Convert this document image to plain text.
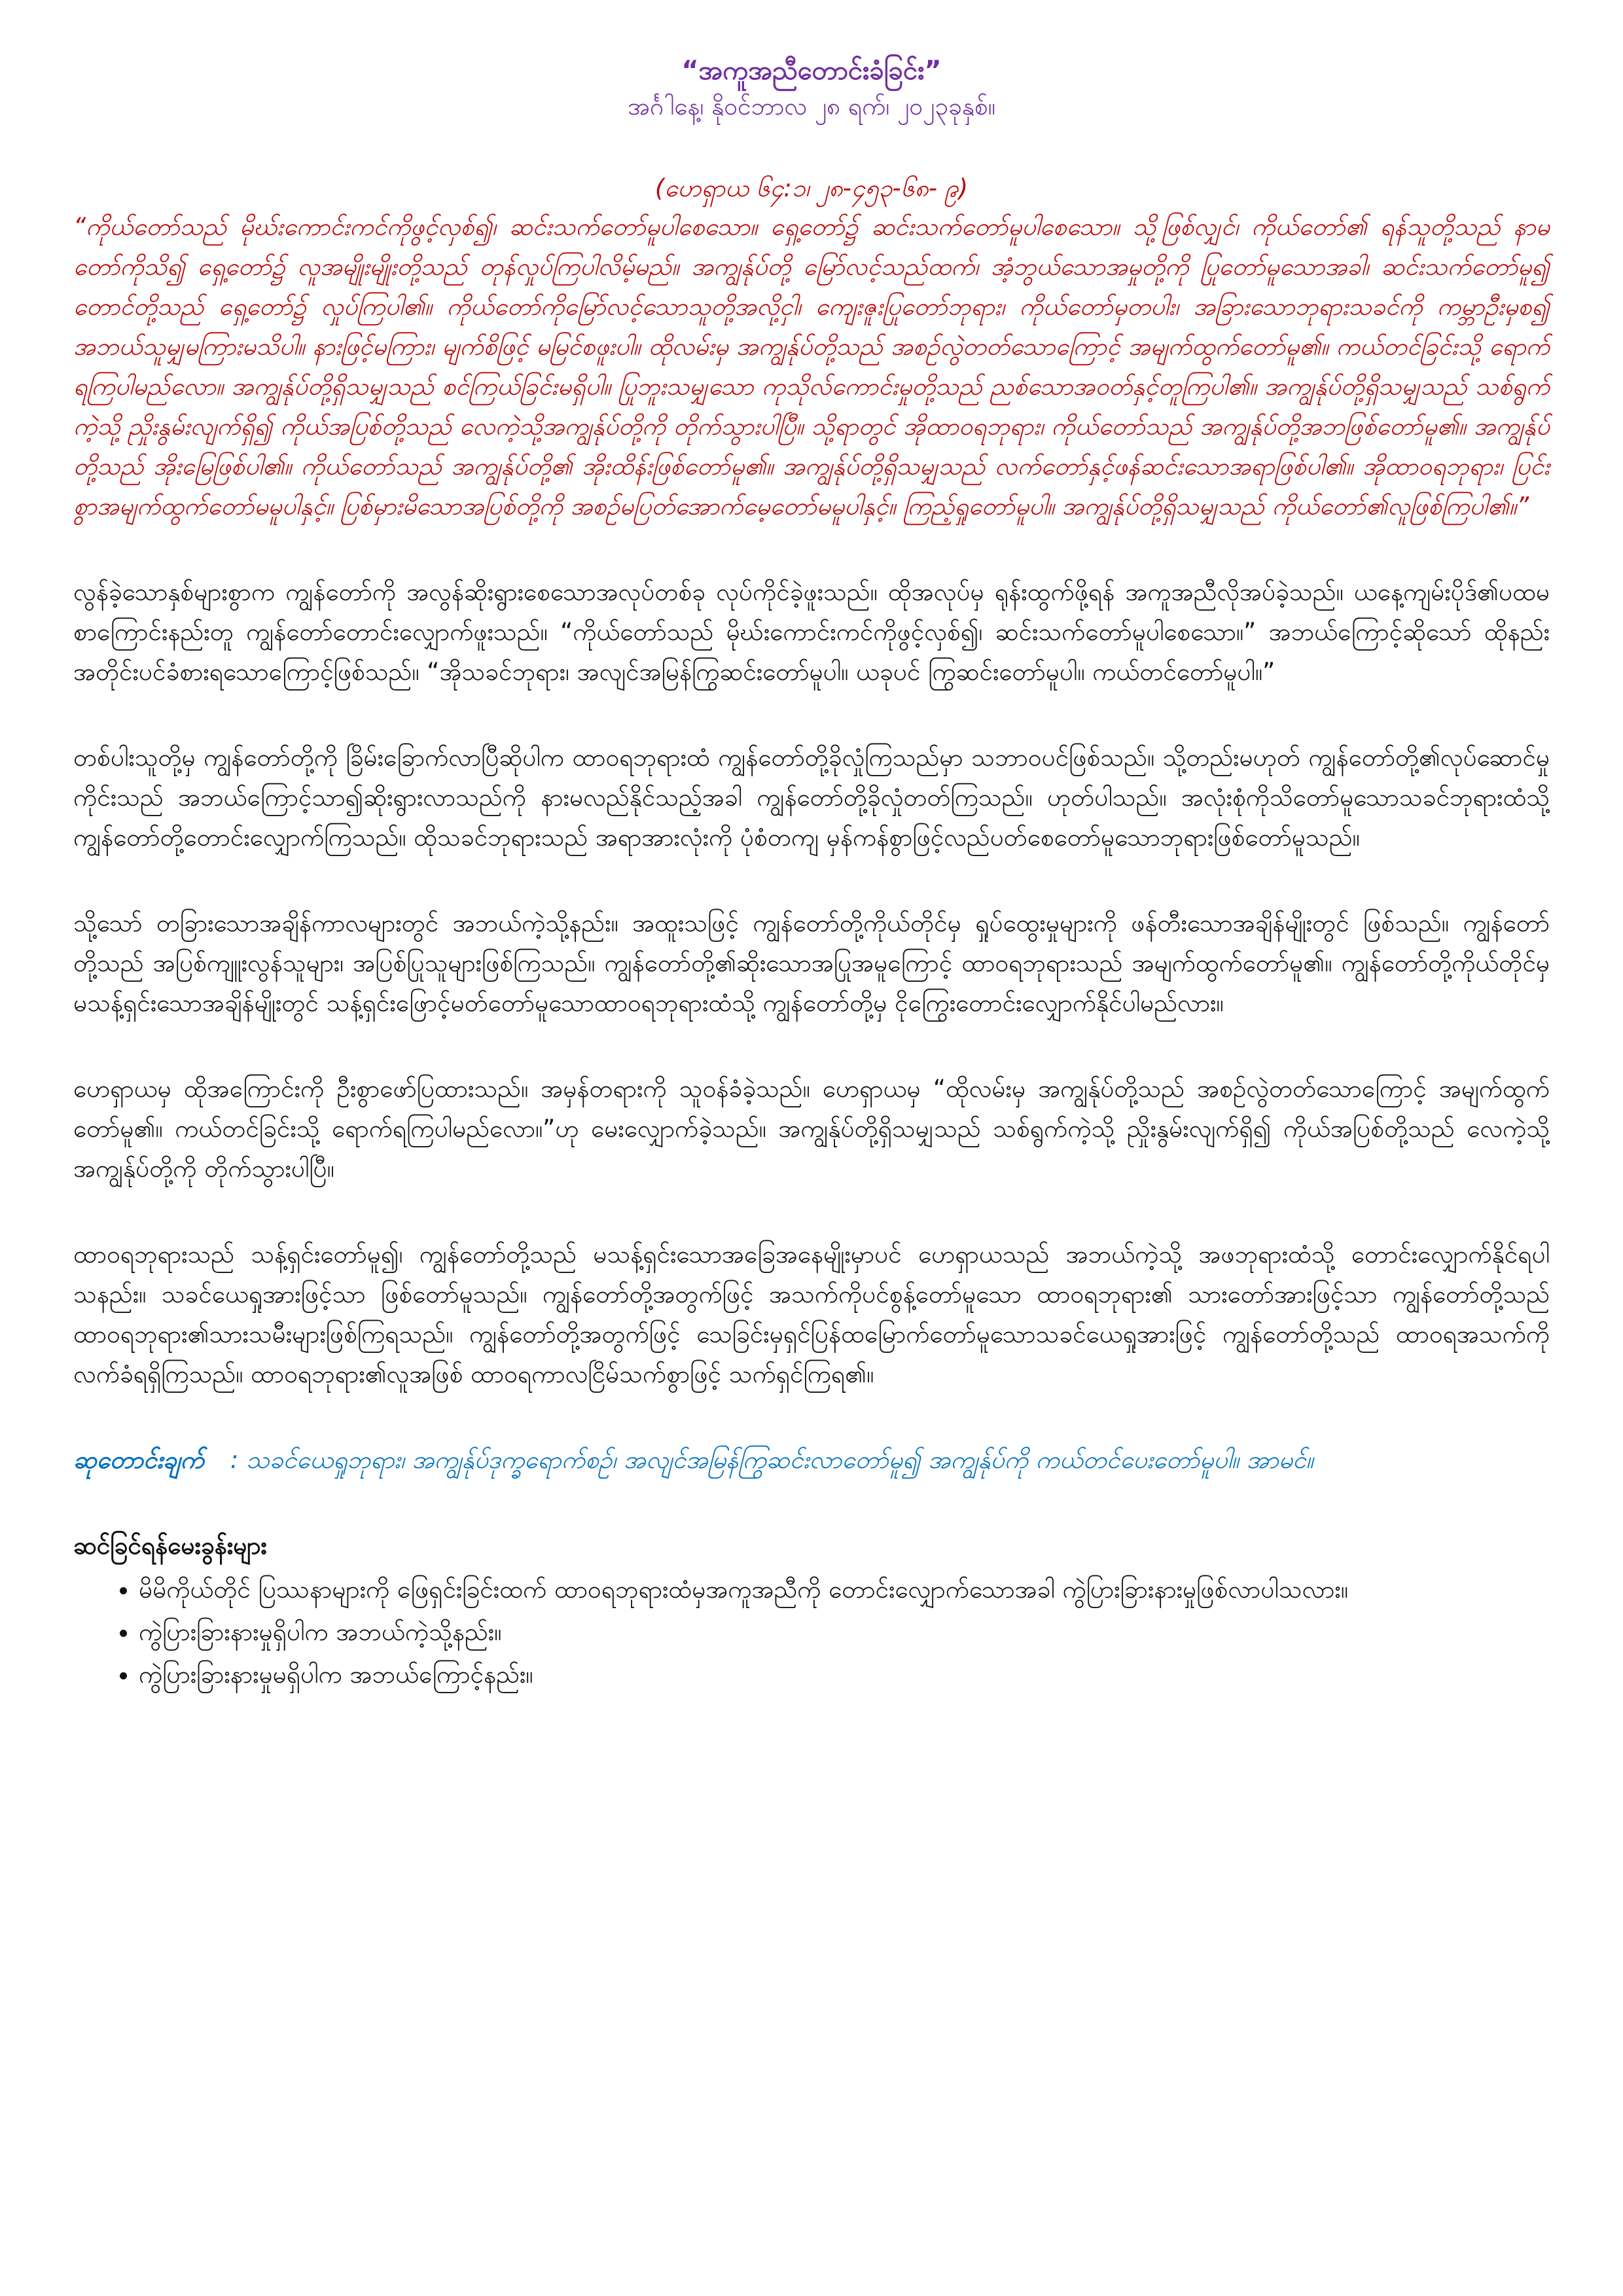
“အကူအညီတောင်းခံခြင်း”

အင်္ဂါနေ့၊ နိုဝင်ဘာလ ၂၈ ရက်၊ ၂၀၂၃ခုနှစ်။

(ဟေရှာယ ၆၄:၁၊ ၂၈-၄၅၃-၆၈- ၉)

“ကိုယ်တော်သည် မိုဃ်းကောင်းကင်ကိုဖွင့်လှစ်၍၊ ဆင်းသက်တော်မူပါစေသော။ ရှေ့တော်၌ ဆင်းသက်တော်မူပါစေသော။ သို့ဖြစ်လျှင်၊ ကိုယ်တော်၏ ရန်သူတို့သည် နာမတော်ကိုသိ၍ ရှေ့တော်၌ လူအမျိုးမျိုးတို့သည် တုန်လှုပ်ကြပါလိမ့်မည်။ အကျွန်ုပ်တို့ မြော်လင့်သည်ထက်၊ အံ့ဘွယ်သောအမှုတို့ကို ပြုတော်မူသောအခါ၊ ဆင်းသက်တော်မူ၍ တောင်တို့သည် ရှေ့တော်၌ လှုပ်ကြပါ၏။ ကိုယ်တော်ကိုမြော်လင့်သောသူတို့အလို့ငှါ၊ ကျေးဇူးပြုတော်ဘုရား၊ ကိုယ်တော်မှတပါး၊ အခြားသောဘုရားသခင်ကို ကမ္ဘာဦးမှစ၍ အဘယ်သူမျှမကြားမသိပါ။ နားဖြင့်မကြား၊ မျက်စိဖြင့် မမြင်စဖူးပါ။ ထိုလမ်းမှ အကျွန်ုပ်တို့သည် အစဉ်လွဲတတ်သောကြောင့် အမျက်ထွက်တော်မူ၏။ ကယ်တင်ခြင်းသို့ ရောက်ရကြပါမည်လော။ အကျွန်ုပ်တို့ရှိသမျှသည် စင်ကြယ်ခြင်းမရှိပါ။ ပြုဘူးသမျှသော ကုသိုလ်ကောင်းမှုတို့သည် ညစ်သောအဝတ်နှင့်တူကြပါ၏။ အကျွန်ုပ်တို့ရှိသမျှသည် သစ်ရွက်ကဲ့သို့ ညှိုးနွမ်းလျက်ရှိ၍ ကိုယ်အပြစ်တို့သည် လေကဲ့သို့အကျွန်ုပ်တို့ကို တိုက်သွားပါပြီ။ သို့ရာတွင် အိုထာဝရဘုရား၊ ကိုယ်တော်သည် အကျွန်ုပ်တို့အဘဖြစ်တော်မူ၏။ အကျွန်ုပ်တို့သည် အိုးမြေဖြစ်ပါ၏။ ကိုယ်တော်သည် အကျွန်ုပ်တို့၏ အိုးထိန်းဖြစ်တော်မူ၏။ အကျွန်ုပ်တို့ရှိသမျှသည် လက်တော်နှင့်ဖန်ဆင်းသောအရာဖြစ်ပါ၏။ အိုထာဝရဘုရား၊ ပြင်းစွာအမျက်ထွက်တော်မမူပါနှင့်။ ပြစ်မှားမိသောအပြစ်တို့ကို အစဉ်မပြတ်အောက်မေ့တော်မမူပါနှင့်။ ကြည့်ရှုတော်မူပါ။ အကျွန်ုပ်တို့ရှိသမျှသည် ကိုယ်တော်၏လူဖြစ်ကြပါ၏။”

လွန်ခဲ့သောနှစ်များစွာက ကျွန်တော်ကို အလွန်ဆိုးရွားစေသောအလုပ်တစ်ခု လုပ်ကိုင်ခဲ့ဖူးသည်။ ထိုအလုပ်မှ ရုန်းထွက်ဖို့ရန် အကူအညီလိုအပ်ခဲ့သည်။ ယနေ့ကျမ်းပိုဒ်၏ပထမစာကြောင်းနည်းတူ ကျွန်တော်တောင်းလျှောက်ဖူးသည်။ “ကိုယ်တော်သည် မိုဃ်းကောင်းကင်ကိုဖွင့်လှစ်၍၊ ဆင်းသက်တော်မူပါစေသော။” အဘယ်ကြောင့်ဆိုသော် ထိုနည်းအတိုင်းပင်ခံစားရသောကြောင့်ဖြစ်သည်။ “အိုသခင်ဘုရား၊ အလျင်အမြန်ကြွဆင်းတော်မူပါ။ ယခုပင် ကြွဆင်းတော်မူပါ။ ကယ်တင်တော်မူပါ။”

တစ်ပါးသူတို့မှ ကျွန်တော်တို့ကို ခြိမ်းခြောက်လာပြီဆိုပါက ထာဝရဘုရားထံ ကျွန်တော်တို့ခိုလှုံကြသည်မှာ သဘာဝပင်ဖြစ်သည်။ သို့တည်းမဟုတ် ကျွန်တော်တို့၏လုပ်ဆောင်မှုကိုင်းသည် အဘယ်ကြောင့်သာ၍ဆိုးရွားလာသည်ကို နားမလည်နိုင်သည့်အခါ ကျွန်တော်တို့ခိုလှုံတတ်ကြသည်။ ဟုတ်ပါသည်။ အလုံးစုံကိုသိတော်မူသောသခင်ဘုရားထံသို့ ကျွန်တော်တို့တောင်းလျှောက်ကြသည်။ ထိုသခင်ဘုရားသည် အရာအားလုံးကို ပုံစံတကျ မှန်ကန်စွာဖြင့်လည်ပတ်စေတော်မူသောဘုရားဖြစ်တော်မူသည်။

သို့သော် တခြားသောအချိန်ကာလများတွင် အဘယ်ကဲ့သို့နည်း။ အထူးသဖြင့် ကျွန်တော်တို့ကိုယ်တိုင်မှ ရှုပ်ထွေးမှုများကို ဖန်တီးသောအချိန်မျိုးတွင် ဖြစ်သည်။ ကျွန်တော်တို့သည် အပြစ်ကျူးလွန်သူများ၊ အပြစ်ပြုသူများဖြစ်ကြသည်။ ကျွန်တော်တို့၏ဆိုးသောအပြုအမူကြောင့် ထာဝရဘုရားသည် အမျက်ထွက်တော်မူ၏။ ကျွန်တော်တို့ကိုယ်တိုင်မှ မသန့်ရှင်းသောအချိန်မျိုးတွင် သန့်ရှင်းဖြောင့်မတ်တော်မူသောထာဝရဘုရားထံသို့ ကျွန်တော်တို့မှ ငိုကြွေးတောင်းလျှောက်နိုင်ပါမည်လား။

ဟေရှာယမှ ထိုအကြောင်းကို ဦးစွာဖော်ပြထားသည်။ အမှန်တရားကို သူဝန်ခံခဲ့သည်။ ဟေရှာယမှ “ထိုလမ်းမှ အကျွန်ုပ်တို့သည် အစဉ်လွဲတတ်သောကြောင့် အမျက်ထွက်တော်မူ၏။ ကယ်တင်ခြင်းသို့ ရောက်ရကြပါမည်လော။”ဟု မေးလျှောက်ခဲ့သည်။ အကျွန်ုပ်တို့ရှိသမျှသည် သစ်ရွက်ကဲ့သို့ ညှိုးနွမ်းလျက်ရှိ၍ ကိုယ်အပြစ်တို့သည် လေကဲ့သို့ အကျွန်ုပ်တို့ကို တိုက်သွားပါပြီ။

ထာဝရဘုရားသည် သန့်ရှင်းတော်မူ၍၊ ကျွန်တော်တို့သည် မသန့်ရှင်းသောအခြေအနေမျိုးမှာပင် ဟေရှာယသည် အဘယ်ကဲ့သို့ အဖဘုရားထံသို့ တောင်းလျှောက်နိုင်ရပါသနည်း။ သခင်ယေရှုအားဖြင့်သာ ဖြစ်တော်မူသည်။ ကျွန်တော်တို့အတွက်ဖြင့် အသက်ကိုပင်စွန့်တော်မူသော ထာဝရဘုရား၏ သားတော်အားဖြင့်သာ ကျွန်တော်တို့သည် ထာဝရဘုရား၏သားသမီးများဖြစ်ကြရသည်။ ကျွန်တော်တို့အတွက်ဖြင့် သေခြင်းမှရှင်ပြန်ထမြောက်တော်မူသောသခင်ယေရှုအားဖြင့် ကျွန်တော်တို့သည် ထာဝရအသက်ကို လက်ခံရရှိကြသည်။ ထာဝရဘုရား၏လူအဖြစ် ထာဝရကာလငြိမ်သက်စွာဖြင့် သက်ရှင်ကြရ၏။

ဆုတောင်းချက် : သခင်ယေရှုဘုရား၊ အကျွန်ုပ်ဒုက္ခရောက်စဉ်၊ အလျင်အမြန်ကြွဆင်းလာတော်မူ၍ အကျွန်ုပ်ကို ကယ်တင်ပေးတော်မူပါ။ အာမင်။

ဆင်ခြင်ရန်မေးခွန်းများ

• မိမိကိုယ်တိုင် ပြဿနာများကို ဖြေရှင်းခြင်းထက် ထာဝရဘုရားထံမှအကူအညီကို တောင်းလျှောက်သောအခါ ကွဲပြားခြားနားမှုဖြစ်လာပါသလား။
• ကွဲပြားခြားနားမှုရှိပါက အဘယ်ကဲ့သို့နည်း။
• ကွဲပြားခြားနားမှုမရှိပါက အဘယ်ကြောင့်နည်း။
